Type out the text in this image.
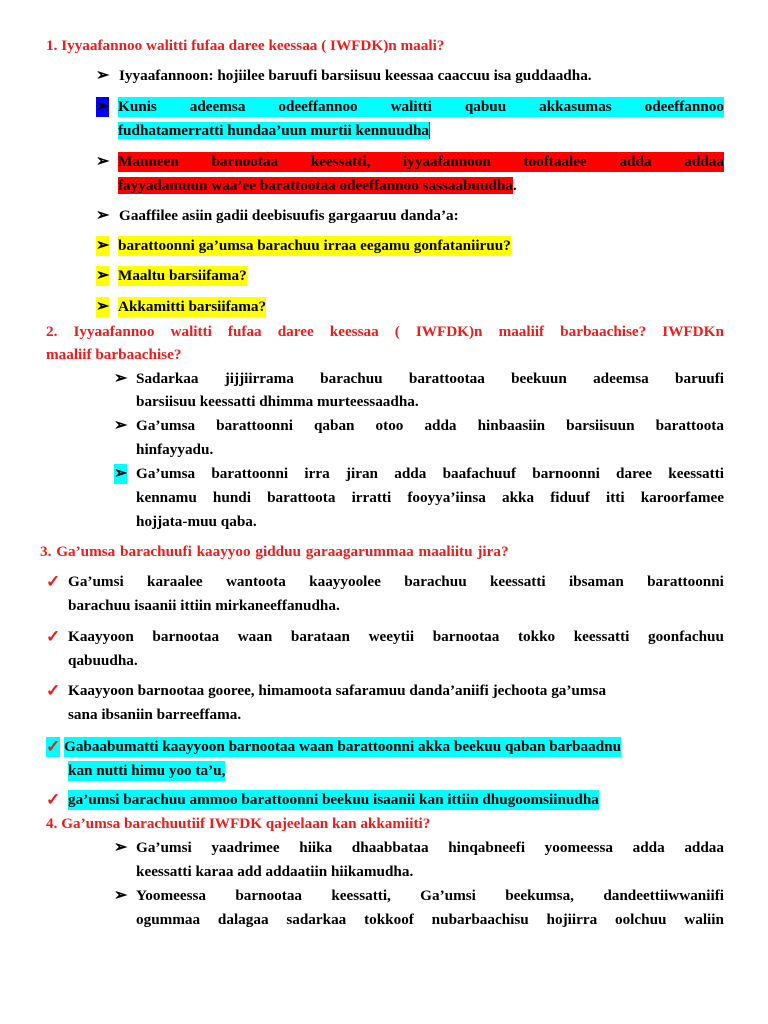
1. Iyyaafannoo walitti fufaa daree keessaa ( IWFDK)n maali?
➢ Iyyaafannoon: hojiilee baruufi barsiisuu keessaa caaccuu isa guddaadha.
➢ Kunis adeemsa odeeffannoo walitti qabuu akkasumas odeeffannoo
fudhatamerratti hundaa’uun murtii kennuudha 
➢ Manneen barnootaa keessatti, iyyaafannoon tooftaalee adda addaa
fayyadamuun waa’ee barattootaa odeeffannoo sassaabuudha.
➢ Gaaffilee asiin gadii deebisuufis gargaaruu danda’a:
➢ barattoonni ga’umsa barachuu irraa eegamu gonfataniiruu?
➢ Maaltu barsiifama?
➢ Akkamitti barsiifama?
2. Iyyaafannoo walitti fufaa daree keessaa ( IWFDK)n maaliif barbaachise? IWFDKn
maaliif barbaachise?
➢ Sadarkaa jijjiirrama barachuu barattootaa beekuun adeemsa baruufi
barsiisuu keessatti dhimma murteessaadha.
➢ Ga’umsa barattoonni qaban otoo adda hinbaasiin barsiisuun barattoota
hinfayyadu.
➢ Ga’umsa barattoonni irra jiran adda baafachuuf barnoonni daree keessatti
kennamu hundi barattoota irratti fooyya’iinsa akka fiduuf itti karoorfamee
hojjata-muu qaba.
3. Ga’umsa barachuufi kaayyoo gidduu garaagarummaa maaliitu jira?
✓ Ga’umsi karaalee wantoota kaayyoolee barachuu keessatti ibsaman barattoonni
barachuu isaanii ittiin mirkaneeffanudha.
✓ Kaayyoon barnootaa waan barataan weeytii barnootaa tokko keessatti goonfachuu
qabuudha.
✓ Kaayyoon barnootaa gooree, himamoota safaramuu danda’aniifi jechoota ga’umsa
sana ibsaniin barreeffama.
✓ Gabaabumatti kaayyoon barnootaa waan barattoonni akka beekuu qaban barbaadnu
kan nutti himu yoo ta’u,
✓ ga’umsi barachuu ammoo barattoonni beekuu isaanii kan ittiin dhugoomsiinudha
4. Ga’umsa barachuutiif IWFDK qajeelaan kan akkamiiti?
➢ Ga’umsi yaadrimee hiika dhaabbataa hinqabneefi yoomeessa adda addaa
keessatti karaa add addaatiin hiikamudha.
➢ Yoomeessa barnootaa keessatti, Ga’umsi beekumsa, dandeettiiwwaniifi
ogummaa dalagaa sadarkaa tokkoof nubarbaachisu hojiirra oolchuu waliin
